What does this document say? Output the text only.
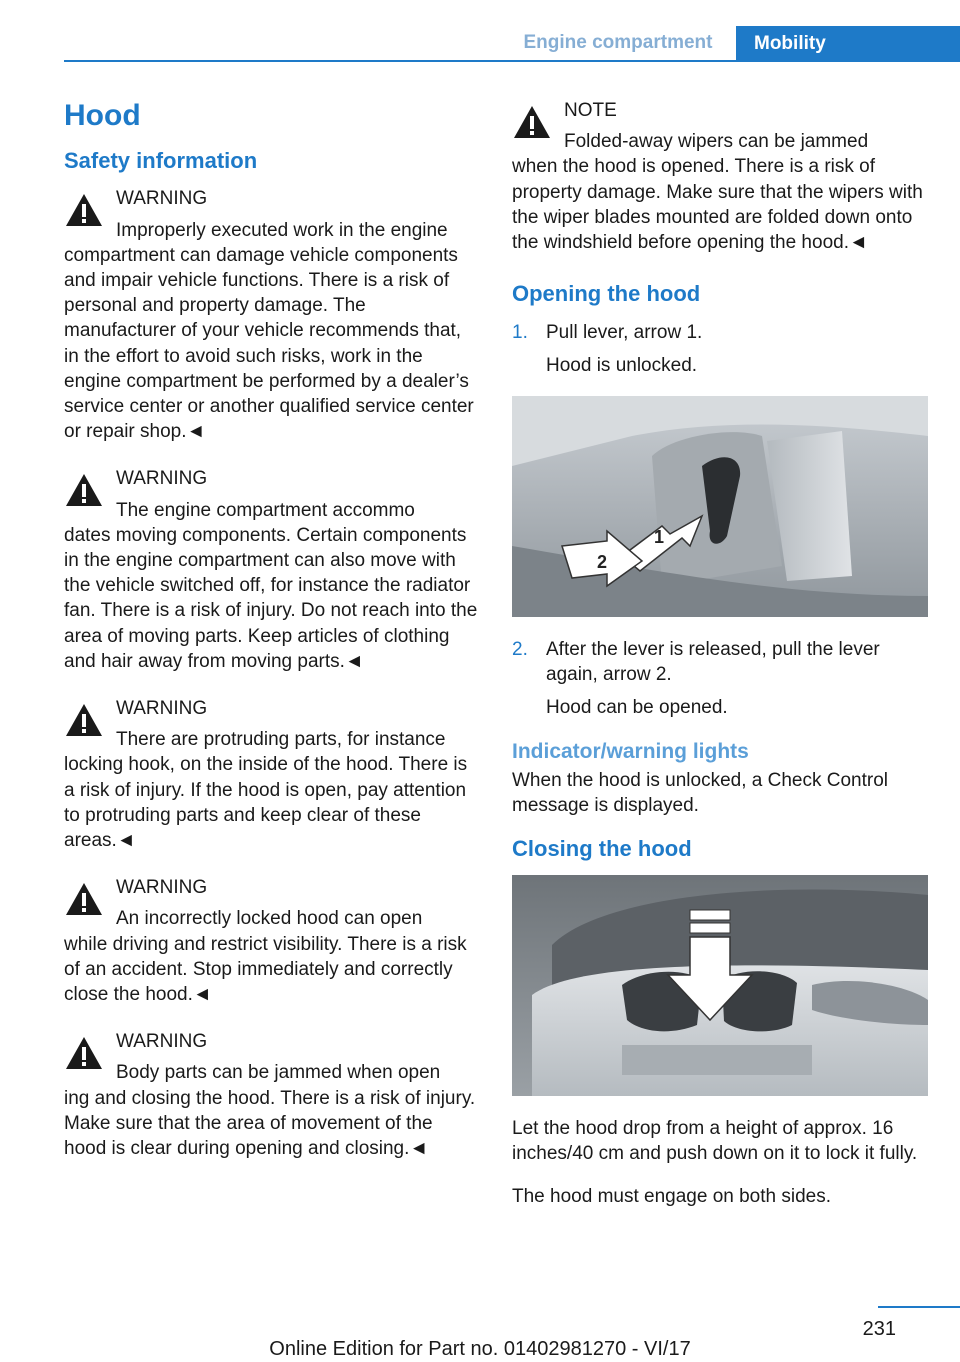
Engine compartment	Mobility
Hood
Safety information
WARNING
Improperly executed work in the engine
compartment can damage vehicle components and impair vehicle functions. There is a risk of personal and property damage. The manufacturer of your vehicle recommends that, in the effort to avoid such risks, work in the engine compartment be performed by a dealer’s service center or another qualified service center or repair shop.◄
WARNING
The engine compartment accommo
dates moving components. Certain components in the engine compartment can also move with the vehicle switched off, for instance the radiator fan. There is a risk of injury. Do not reach into the area of moving parts. Keep articles of clothing and hair away from moving parts.◄
WARNING
There are protruding parts, for instance
locking hook, on the inside of the hood. There is a risk of injury. If the hood is open, pay attention to protruding parts and keep clear of these areas.◄
WARNING
An incorrectly locked hood can open
while driving and restrict visibility. There is a risk of an accident. Stop immediately and correctly close the hood.◄
WARNING
Body parts can be jammed when open
ing and closing the hood. There is a risk of injury. Make sure that the area of movement of the hood is clear during opening and closing.◄
NOTE
Folded-away wipers can be jammed
when the hood is opened. There is a risk of property damage. Make sure that the wipers with the wiper blades mounted are folded down onto the windshield before opening the hood.◄
Opening the hood
1. Pull lever, arrow 1.
Hood is unlocked.
1
2
2. After the lever is released, pull the lever again, arrow 2.
Hood can be opened.
Indicator/warning lights
When the hood is unlocked, a Check Control message is displayed.
Closing the hood
Let the hood drop from a height of approx. 16 inches/40 cm and push down on it to lock it fully.
The hood must engage on both sides.
231
Online Edition for Part no. 01402981270 - VI/17
